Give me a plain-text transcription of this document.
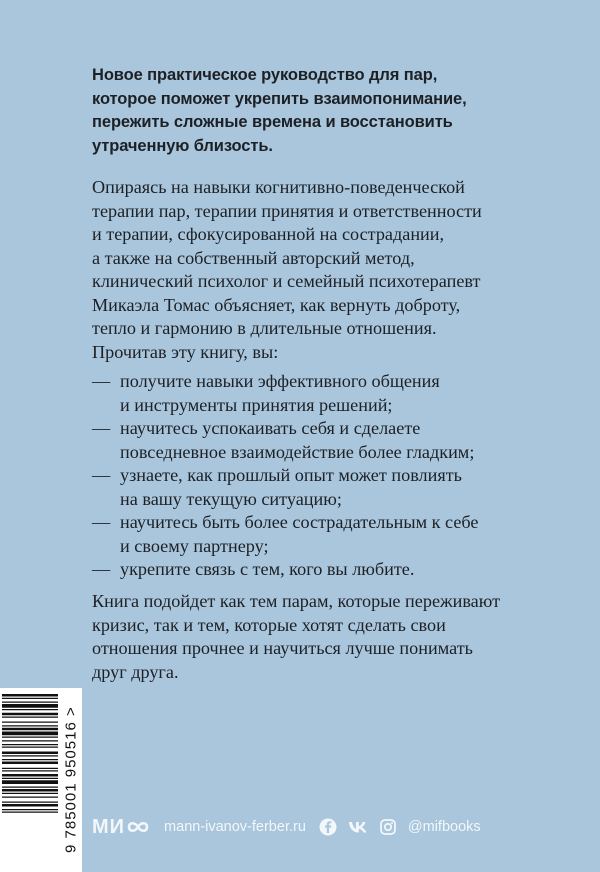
Новое практическое руководство для пар,
которое поможет укрепить взаимопонимание,
пережить сложные времена и восстановить
утраченную близость.
Опираясь на навыки когнитивно-поведенческой
терапии пар, терапии принятия и ответственности
и терапии, сфокусированной на сострадании,
а также на собственный авторский метод,
клинический психолог и семейный психотерапевт
Микаэла Томас объясняет, как вернуть доброту,
тепло и гармонию в длительные отношения.
Прочитав эту книгу, вы:
— получите навыки эффективного общения
и инструменты принятия решений;
— научитесь успокаивать себя и сделаете
повседневное взаимодействие более гладким;
— узнаете, как прошлый опыт может повлиять
на вашу текущую ситуацию;
— научитесь быть более сострадательным к себе
и своему партнеру;
— укрепите связь с тем, кого вы любите.
Книга подойдет как тем парам, которые переживают
кризис, так и тем, которые хотят сделать свои
отношения прочнее и научиться лучше понимать
друг друга.
9 785001 950516 > МИ	mann-ivanov-ferber.ru	@mifbooks
